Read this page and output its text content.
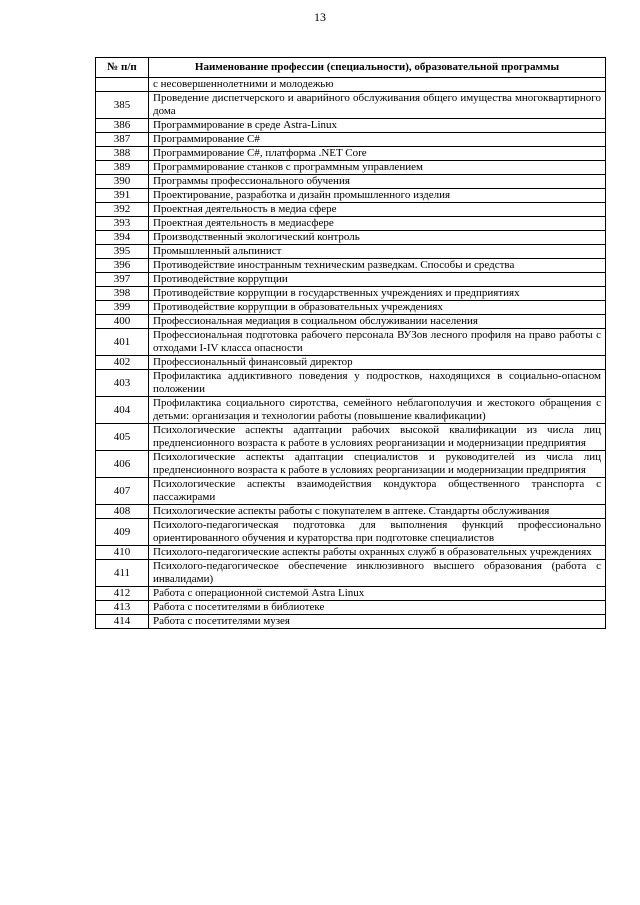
13
№ п/п	Наименование профессии (специальности), образовательной программы
	с несовершеннолетними и молодежью
385	Проведение диспетчерского и аварийного обслуживания общего имущества многоквартирного дома
386	Программирование в среде Astra-Linux
387	Программирование C#
388	Программирование C#, платформа .NET Core
389	Программирование станков с программным управлением
390	Программы профессионального обучения
391	Проектирование, разработка и дизайн промышленного изделия
392	Проектная деятельность в медиа сфере
393	Проектная деятельность в медиасфере
394	Производственный экологический контроль
395	Промышленный альпинист
396	Противодействие иностранным техническим разведкам. Способы и средства
397	Противодействие коррупции
398	Противодействие коррупции в государственных учреждениях и предприятиях
399	Противодействие коррупции в образовательных учреждениях
400	Профессиональная медиация в социальном обслуживании населения
401	Профессиональная подготовка рабочего персонала ВУЗов лесного профиля на право работы с отходами I-IV класса опасности
402	Профессиональный финансовый директор
403	Профилактика аддиктивного поведения у подростков, находящихся в социально-опасном положении
404	Профилактика социального сиротства, семейного неблагополучия и жестокого обращения с детьми: организация и технологии работы (повышение квалификации)
405	Психологические аспекты адаптации рабочих высокой квалификации из числа лиц предпенсионного возраста к работе в условиях реорганизации и модернизации предприятия
406	Психологические аспекты адаптации специалистов и руководителей из числа лиц предпенсионного возраста к работе в условиях реорганизации и модернизации предприятия
407	Психологические аспекты взаимодействия кондуктора общественного транспорта с пассажирами
408	Психологические аспекты работы с покупателем в аптеке. Стандарты обслуживания
409	Психолого-педагогическая подготовка для выполнения функций профессионально ориентированного обучения и кураторства при подготовке специалистов
410	Психолого-педагогические аспекты работы охранных служб в образовательных учреждениях
411	Психолого-педагогическое обеспечение инклюзивного высшего образования (работа с инвалидами)
412	Работа с операционной системой Astra Linux
413	Работа с посетителями в библиотеке
414	Работа с посетителями музея
